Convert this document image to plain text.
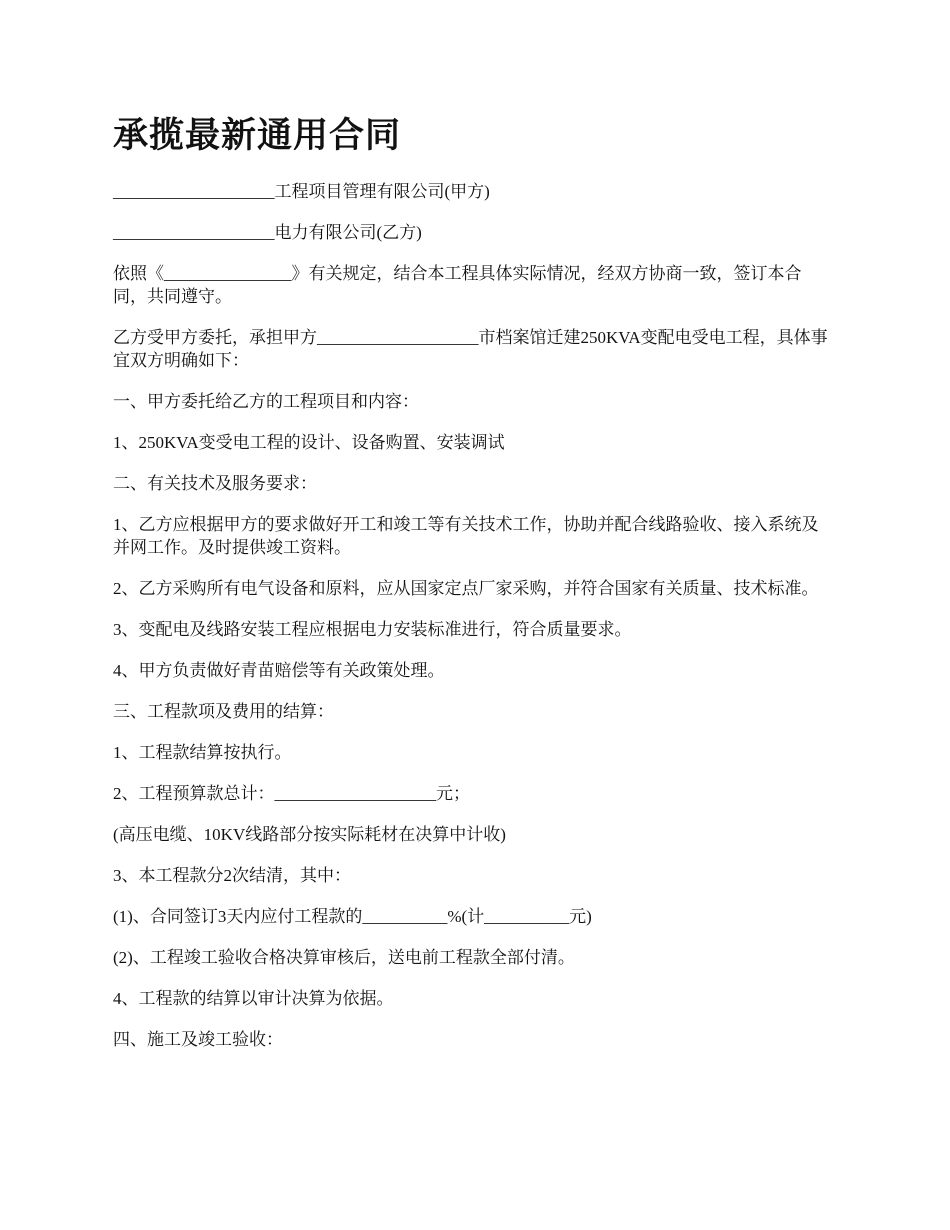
承揽最新通用合同

___________________工程项目管理有限公司(甲方)

___________________电力有限公司(乙方)

依照《_______________》有关规定，结合本工程具体实际情况，经双方协商一致，签订本合同，共同遵守。

乙方受甲方委托，承担甲方___________________市档案馆迁建250KVA变配电受电工程，具体事宜双方明确如下：

一、甲方委托给乙方的工程项目和内容：

1、250KVA变受电工程的设计、设备购置、安装调试

二、有关技术及服务要求：

1、乙方应根据甲方的要求做好开工和竣工等有关技术工作，协助并配合线路验收、接入系统及并网工作。及时提供竣工资料。

2、乙方采购所有电气设备和原料，应从国家定点厂家采购，并符合国家有关质量、技术标准。

3、变配电及线路安装工程应根据电力安装标准进行，符合质量要求。

4、甲方负责做好青苗赔偿等有关政策处理。

三、工程款项及费用的结算：

1、工程款结算按执行。

2、工程预算款总计：___________________元；

(高压电缆、10KV线路部分按实际耗材在决算中计收)

3、本工程款分2次结清，其中：

(1)、合同签订3天内应付工程款的__________%(计__________元)

(2)、工程竣工验收合格决算审核后，送电前工程款全部付清。

4、工程款的结算以审计决算为依据。

四、施工及竣工验收：
